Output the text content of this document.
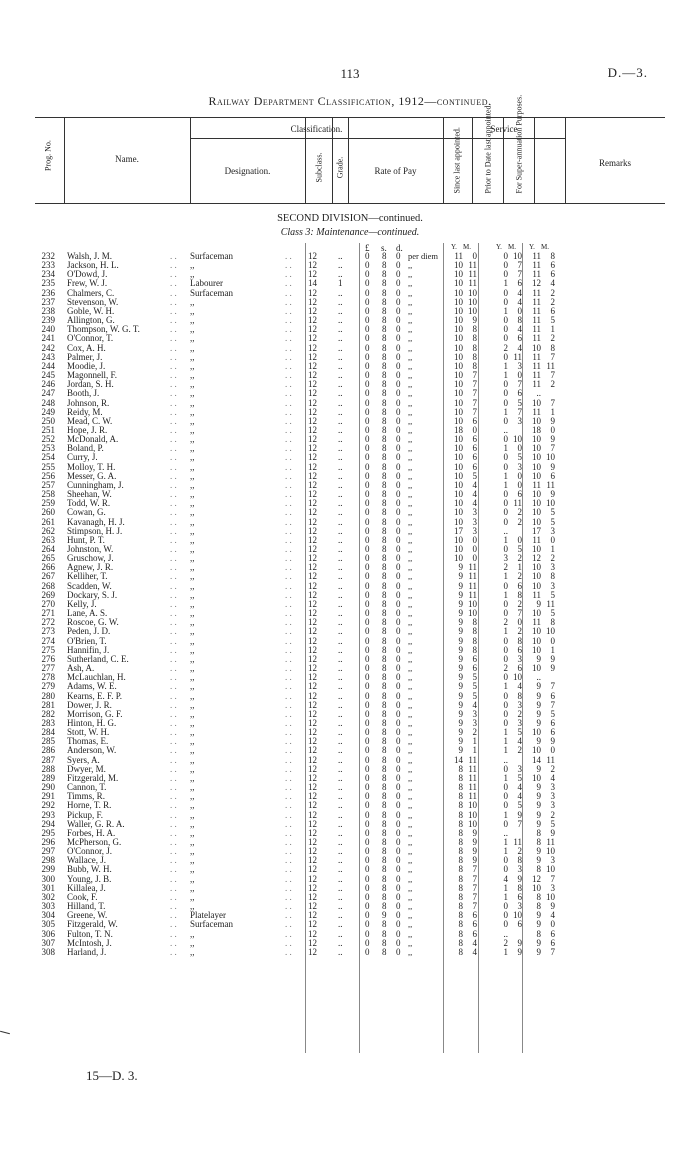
113	D.—3.
Railway Department Classification, 1912—continued.
Prog. No.	Name.
Classification.
Designation.	Subclass. Grade.	Rate of Pay
Service
Since last appointed.	Prior to Date last appointed.	For Super-annuation Purposes.	Remarks
SECOND DIVISION—continued.
Class 3: Maintenance—continued.
£ s. d.	Y. M.	Y. M. Y. M.
232 Walsh, J. M.	. . Surfaceman	. . 12 ..	0 8 0 per diem	11	0	0 10	11	8
233 Jackson, H. L.	. . ,,	. . 12 ..	0 8 0 ,,	10 11	0	7	11	6
234 O'Dowd, J.	. . ,,	. . 12 ..	0 8 0 ,,	10 11	0	7	11	6
235 Frew, W. J.	. . Labourer	. . 14 1	0 8 0 ,,	10 11	1	6	12	4
236 Chalmers, C.	. . Surfaceman	. . 12 ..	0 8 0 ,,	10 10	0	4	11	2
237 Stevenson, W.	. . ,,	. . 12 ..	0 8 0 ,,	10 10	0	4	11	2
238 Goble, W. H.	. . ,,	. . 12 ..	0 8 0 ,,	10 10	1	0	11	6
239 Allington, G.	. . ,,	. . 12 ..	0 8 0 ,,	10	9	0	8	11	5
240 Thompson, W. G. T.	. . ,,	. . 12 ..	0 8 0 ,,	10	8	0	4	11	1
241 O'Connor, T.	. . ,,	. . 12 ..	0 8 0 ,,	10	8	0	6	11	2
242 Cox, A. H.	. . ,,	. . 12 ..	0 8 0 ,,	10	8	2	4	10	8
243 Palmer, J.	. . ,,	. . 12 ..	0 8 0 ,,	10	8	0 11	11	7
244 Moodie, J.	. . ,,	. . 12 ..	0 8 0 ,,	10	8	1	3	11 11
245 Magonnell, F.	. . ,,	. . 12 ..	0 8 0 ,,	10	7	1	0	11	7
246 Jordan, S. H.	. . ,,	. . 12 ..	0 8 0 ,,	10	7	0	7	11	2
247 Booth, J.	. . ,,	. . 12 ..	0 8 0 ,,	10	7	0	6	..
248 Johnson, R.	. . ,,	. . 12 ..	0 8 0 ,,	10	7	0	5	10	7
249 Reidy, M.	. . ,,	. . 12 ..	0 8 0 ,,	10	7	1	7	11	1
250 Mead, C. W.	. . ,,	. . 12 ..	0 8 0 ,,	10	6	0	3	10	9
251 Hope, J. R.	. . ,,	. . 12 ..	0 8 0 ,,	18	0	..	18	0
252 McDonald, A.	. . ,,	. . 12 ..	0 8 0 ,,	10	6	0 10	10	9
253 Boland, P.	. . ,,	. . 12 ..	0 8 0 ,,	10	6	1	0	10	7
254 Curry, J.	. . ,,	. . 12 ..	0 8 0 ,,	10	6	0	5	10 10
255 Molloy, T. H.	. . ,,	. . 12 ..	0 8 0 ,,	10	6	0	3	10	9
256 Messer, G. A.	. . ,,	. . 12 ..	0 8 0 ,,	10	5	1	0	10	6
257 Cunningham, J.	. . ,,	. . 12 ..	0 8 0 ,,	10	4	1	0	11 11
258 Sheehan, W.	. . ,,	. . 12 ..	0 8 0 ,,	10	4	0	6	10	9
259 Todd, W. R.	. . ,,	. . 12 ..	0 8 0 ,,	10	4	0 11	10 10
260 Cowan, G.	. . ,,	. . 12 ..	0 8 0 ,,	10	3	0	2	10	5
261 Kavanagh, H. J.	. . ,,	. . 12 ..	0 8 0 ,,	10	3	0	2	10	5
262 Stimpson, H. J.	. . ,,	. . 12 ..	0 8 0 ,,	17	3	..	17	3
263 Hunt, P. T.	. . ,,	. . 12 ..	0 8 0 ,,	10	0	1	0	11	0
264 Johnston, W.	. . ,,	. . 12 ..	0 8 0 ,,	10	0	0	5	10	1
265 Gruschow, J.	. . ,,	. . 12 ..	0 8 0 ,,	10	0	3	2	12	2
266 Agnew, J. R.	. . ,,	. . 12 ..	0 8 0 ,,	9 11	2	1	10	3
267 Kelliher, T.	. . ,,	. . 12 ..	0 8 0 ,,	9 11	1	2	10	8
268 Scadden, W.	. . ,,	. . 12 ..	0 8 0 ,,	9 11	0	6	10	3
269 Dockary, S. J.	. . ,,	. . 12 ..	0 8 0 ,,	9 11	1	8	11	5
270 Kelly, J.	. . ,,	. . 12 ..	0 8 0 ,,	9 10	0	2	9 11
271 Lane, A. S.	. . ,,	. . 12 ..	0 8 0 ,,	9 10	0	7	10	5
272 Roscoe, G. W.	. . ,,	. . 12 ..	0 8 0 ,,	9	8	2	0	11	8
273 Peden, J. D.	. . ,,	. . 12 ..	0 8 0 ,,	9	8	1	2	10 10
274 O'Brien, T.	. . ,,	. . 12 ..	0 8 0 ,,	9	8	0	8	10	0
275 Hannifin, J.	. . ,,	. . 12 ..	0 8 0 ,,	9	8	0	6	10	1
276 Sutherland, C. E.	. . ,,	. . 12 ..	0 8 0 ,,	9	6	0	3	9	9
277 Ash, A.	. . ,,	. . 12 ..	0 8 0 ,,	9	6	2	6	10	9
278 McLauchlan, H.	. . ,,	. . 12 ..	0 8 0 ,,	9	5	0 10	..
279 Adams, W. E.	. . ,,	. . 12 ..	0 8 0 ,,	9	5	1	4	9	7
280 Kearns, E. F. P.	. . ,,	. . 12 ..	0 8 0 ,,	9	5	0	8	9	6
281 Dower, J. R.	. . ,,	. . 12 ..	0 8 0 ,,	9	4	0	3	9	7
282 Morrison, G. F.	. . ,,	. . 12 ..	0 8 0 ,,	9	3	0	2	9	5
283 Hinton, H. G.	. . ,,	. . 12 ..	0 8 0 ,,	9	3	0	3	9	6
284 Stott, W. H.	. . ,,	. . 12 ..	0 8 0 ,,	9	2	1	5	10	6
285 Thomas, E.	. . ,,	. . 12 ..	0 8 0 ,,	9	1	1	4	9	9
286 Anderson, W.	. . ,,	. . 12 ..	0 8 0 ,,	9	1	1	2	10	0
287 Syers, A.	. . ,,	. . 12 ..	0 8 0 ,,	14 11	..	14 11
288 Dwyer, M.	. . ,,	. . 12 ..	0 8 0 ,,	8 11	0	3	9	2
289 Fitzgerald, M.	. . ,,	. . 12 ..	0 8 0 ,,	8 11	1	5	10	4
290 Cannon, T.	. . ,,	. . 12 ..	0 8 0 ,,	8 11	0	4	9	3
291 Timms, R.	. . ,,	. . 12 ..	0 8 0 ,,	8 11	0	4	9	3
292 Horne, T. R.	. . ,,	. . 12 ..	0 8 0 ,,	8 10	0	5	9	3
293 Pickup, F.	. . ,,	. . 12 ..	0 8 0 ,,	8 10	1	9	9	2
294 Waller, G. R. A.	. . ,,	. . 12 ..	0 8 0 ,,	8 10	0	7	9	5
295 Forbes, H. A.	. . ,,	. . 12 ..	0 8 0 ,,	8	9	..	8	9
296 McPherson, G.	. . ,,	. . 12 ..	0 8 0 ,,	8	9	1 11	8 11
297 O'Connor, J.	. . ,,	. . 12 ..	0 8 0 ,,	8	9	1	2	9 10
298 Wallace, J.	. . ,,	. . 12 ..	0 8 0 ,,	8	9	0	8	9	3
299 Bubb, W. H.	. . ,,	. . 12 ..	0 8 0 ,,	8	7	0	3	8 10
300 Young, J. B.	. . ,,	. . 12 ..	0 8 0 ,,	8	7	4	9	12	7
301 Killalea, J.	. . ,,	. . 12 ..	0 8 0 ,,	8	7	1	8	10	3
302 Cook, F.	. . ,,	. . 12 ..	0 8 0 ,,	8	7	1	6	8 10
303 Hilland, T.	. . ,,	. . 12 ..	0 8 0 ,,	8	7	0	3	8	9
304 Greene, W.	. . Platelayer	. . 12 ..	0 9 0 ,,	8	6	0 10	9	4
305 Fitzgerald, W.	. . Surfaceman	. . 12 ..	0 8 0 ,,	8	6	0	6	9	0
306 Fulton, T. N.	. . ,,	. . 12 ..	0 8 0 ,,	8	6	..	8	6
307 McIntosh, J.	. . ,,	. . 12 ..	0 8 0 ,,	8	4	2	9	9	6
308 Harland, J.	. . ,,	. . 12 ..	0 8 0 ,,	8	4	1	9	9	7
15—D. 3.
